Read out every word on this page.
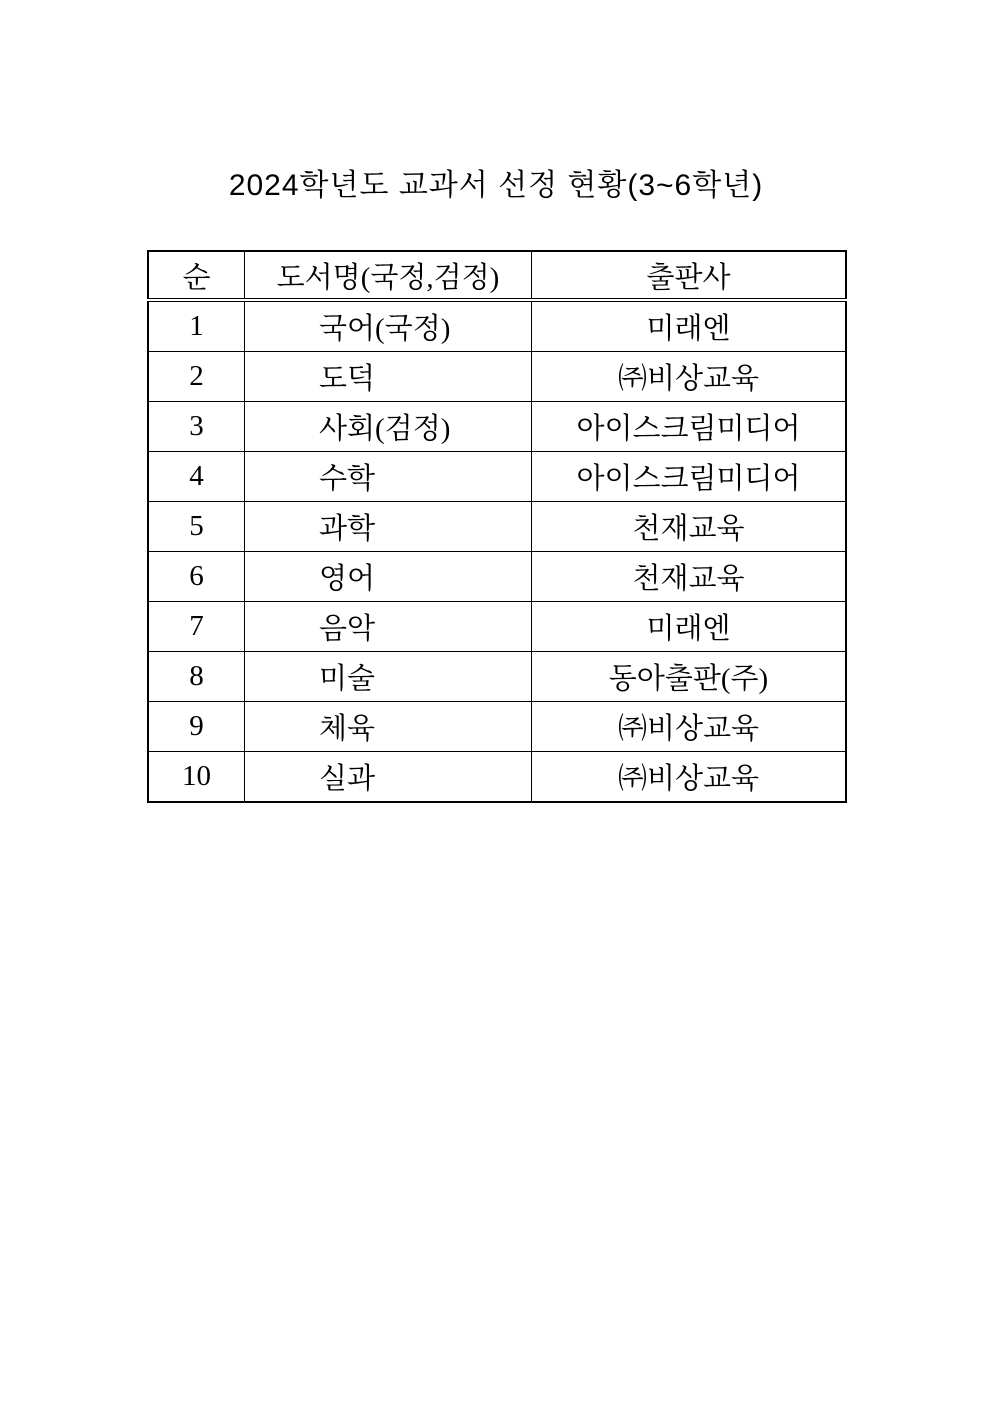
2024학년도 교과서 선정 현황(3~6학년)
순	도서명(국정,검정)	출판사
1	국어(국정)	미래엔
2	도덕	㈜비상교육
3	사회(검정)	아이스크림미디어
4	수학	아이스크림미디어
5	과학	천재교육
6	영어	천재교육
7	음악	미래엔
8	미술	동아출판(주)
9	체육	㈜비상교육
10	실과	㈜비상교육
